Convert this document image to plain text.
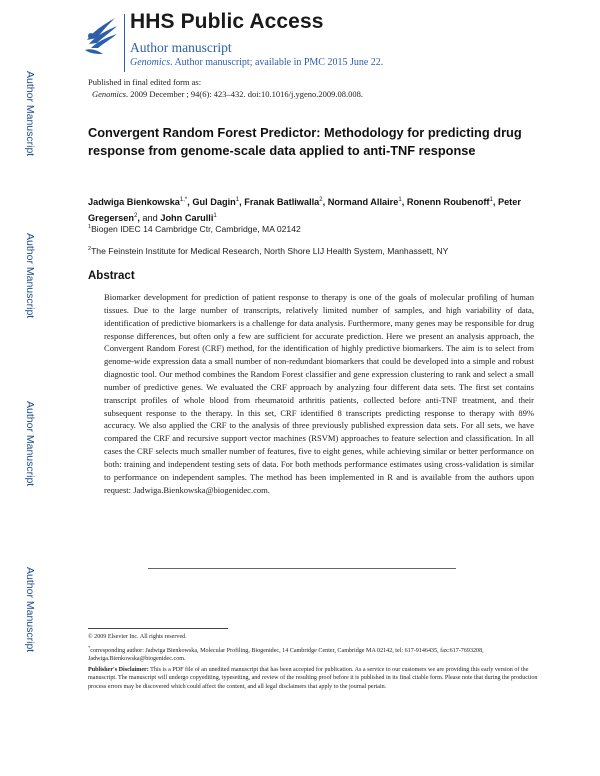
Author Manuscript
Author Manuscript
Author Manuscript
Author Manuscript
HHS Public Access
Author manuscript
Genomics. Author manuscript; available in PMC 2015 June 22.
Published in final edited form as:
Genomics. 2009 December ; 94(6): 423–432. doi:10.1016/j.ygeno.2009.08.008.
Convergent Random Forest Predictor: Methodology for predicting drug response from genome-scale data applied to anti-TNF response
Jadwiga Bienkowska$^{1,*}$, Gul Dagin$^1$, Franak Batliwalla$^2$, Normand Allaire$^1$, Ronenn Roubenoff$^1$, Peter Gregersen$^2$, and John Carulli$^1$
$^1$Biogen IDEC 14 Cambridge Ctr, Cambridge, MA 02142
$^2$The Feinstein Institute for Medical Research, North Shore LIJ Health System, Manhassett, NY
Abstract
Biomarker development for prediction of patient response to therapy is one of the goals of molecular profiling of human tissues. Due to the large number of transcripts, relatively limited number of samples, and high variability of data, identification of predictive biomarkers is a challenge for data analysis. Furthermore, many genes may be responsible for drug response differences, but often only a few are sufficient for accurate prediction. Here we present an analysis approach, the Convergent Random Forest (CRF) method, for the identification of highly predictive biomarkers. The aim is to select from genome-wide expression data a small number of non-redundant biomarkers that could be developed into a simple and robust diagnostic tool. Our method combines the Random Forest classifier and gene expression clustering to rank and select a small number of predictive genes. We evaluated the CRF approach by analyzing four different data sets. The first set contains transcript profiles of whole blood from rheumatoid arthritis patients, collected before anti-TNF treatment, and their subsequent response to the therapy. In this set, CRF identified 8 transcripts predicting response to therapy with 89% accuracy. We also applied the CRF to the analysis of three previously published expression data sets. For all sets, we have compared the CRF and recursive support vector machines (RSVM) approaches to feature selection and classification. In all cases the CRF selects much smaller number of features, five to eight genes, while achieving similar or better performance on both: training and independent testing sets of data. For both methods performance estimates using cross-validation is similar to performance on independent samples. The method has been implemented in R and is available from the authors upon request: Jadwiga.Bienkowska@biogenidec.com.

© 2009 Elsevier Inc. All rights reserved.

*corresponding author: Jadwiga Bienkowska, Molecular Profiling, Biogenidec, 14 Cambridge Center, Cambridge MA 02142, tel: 617-9146435, fax:617-7693208, Jadwiga.Bienkowska@biogenidec.com.

Publisher's Disclaimer: This is a PDF file of an unedited manuscript that has been accepted for publication. As a service to our customers we are providing this early version of the manuscript. The manuscript will undergo copyediting, typesetting, and review of the resulting proof before it is published in its final citable form. Please note that during the production process errors may be discovered which could affect the content, and all legal disclaimers that apply to the journal pertain.
